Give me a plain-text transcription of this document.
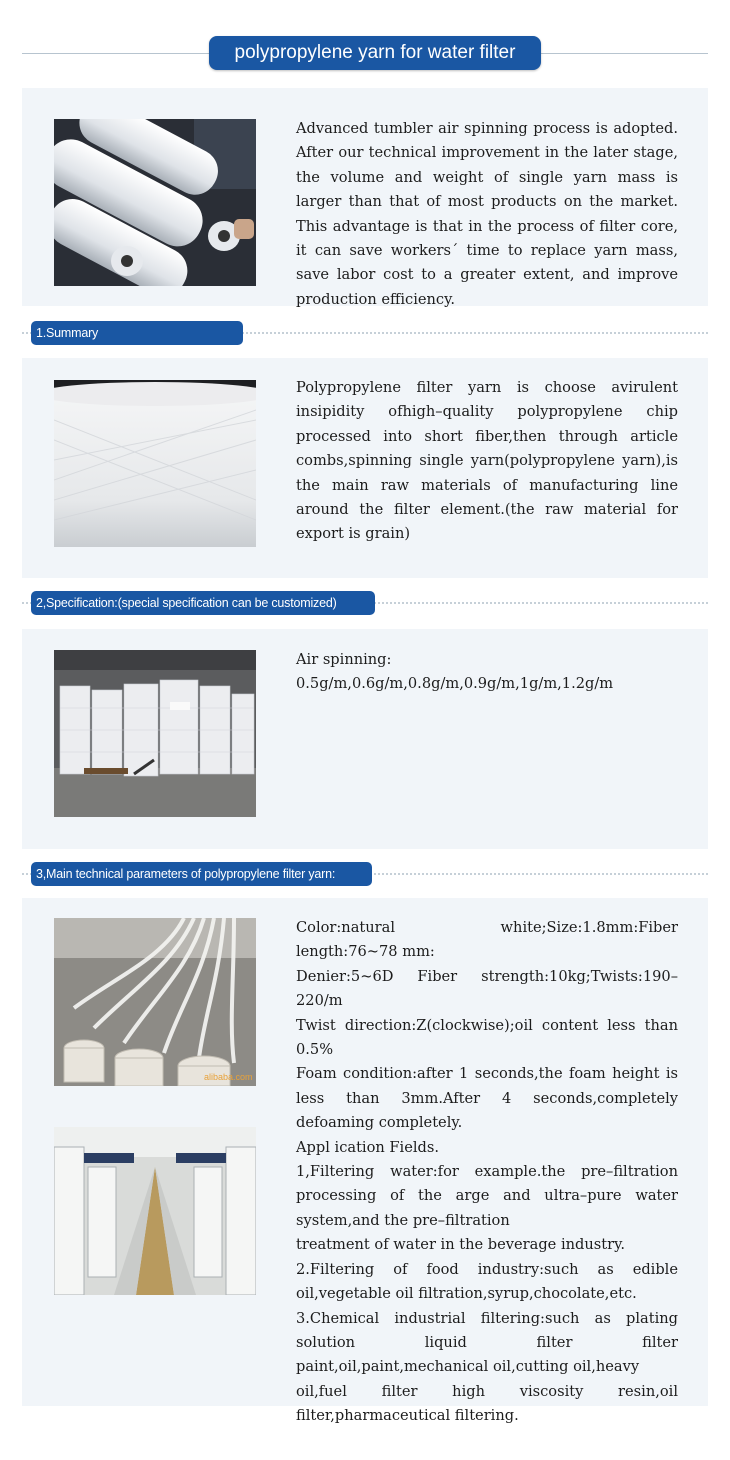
polypropylene yarn for water filter
Advanced tumbler air spinning process is adopted. After our technical improvement in the later stage, the volume and weight of single yarn mass is larger than that of most products on the market. This advantage is that in the process of filter core, it can save workers´ time to replace yarn mass, save labor cost to a greater extent, and improve production efficiency.
1.Summary
Polypropylene filter yarn is choose avirulent insipidity ofhigh–quality polypropylene chip processed into short fiber,then through article combs,spinning single yarn(polypropylene yarn),is the main raw materials of manufacturing line around the filter element.(the raw material for export is grain)
2,Specification:(special specification can be customized)

Air spinning:

0.5g/m,0.6g/m,0.8g/m,0.9g/m,1g/m,1.2g/m

3,Main technical parameters of polypropylene filter yarn:
alibaba.com

Color:natural white;Size:1.8mm:Fiber length:76~78 mm:

Denier:5~6D Fiber strength:10kg;Twists:190–220/m

Twist direction:Z(clockwise);oil content less than 0.5%

Foam condition:after 1 seconds,the foam height is less than 3mm.After 4 seconds,completely defoaming completely.

Appl ication Fields.

1,Filtering water:for example.the pre–filtration processing of the arge and ultra–pure water system,and the pre–filtration

treatment of water in the beverage industry.

2.Filtering of food industry:such as edible oil,vegetable oil filtration,syrup,chocolate,etc.

3.Chemical industrial filtering:such as plating solution liquid filter filter paint,oil,paint,mechanical oil,cutting oil,heavy

oil,fuel filter high viscosity resin,oil filter,pharmaceutical filtering.
